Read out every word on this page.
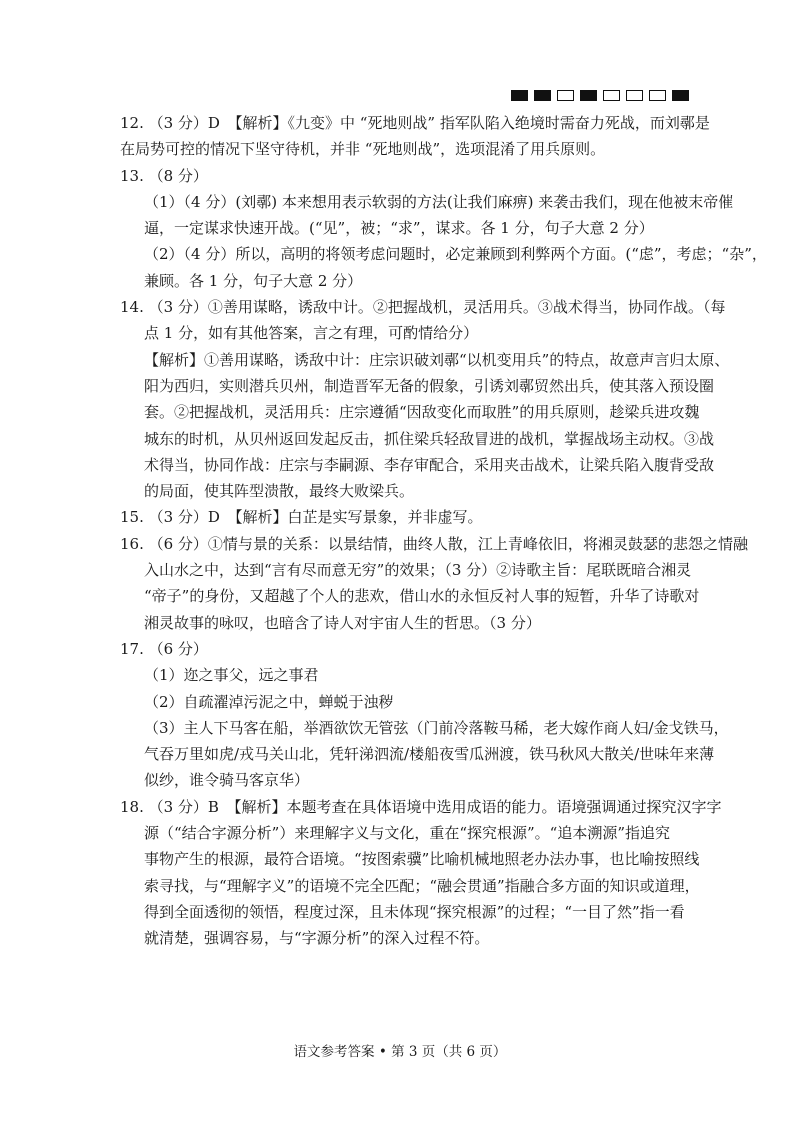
12. （3 分）D　【解析】《九变》中 “死地则战” 指军队陷入绝境时需奋力死战，而刘鄩是
在局势可控的情况下坚守待机，并非 “死地则战”，选项混淆了用兵原则。
13. （8 分）
（1）（4 分）(刘鄩) 本来想用表示软弱的方法(让我们麻痹) 来袭击我们，现在他被末帝催
逼，一定谋求快速开战。(“见”，被；“求”，谋求。各 1 分，句子大意 2 分）
（2）（4 分）所以，高明的将领考虑问题时，必定兼顾到利弊两个方面。(“虑”，考虑；“杂”，
兼顾。各 1 分，句子大意 2 分）
14. （3 分）①善用谋略，诱敌中计。②把握战机，灵活用兵。③战术得当，协同作战。（每
点 1 分，如有其他答案，言之有理，可酌情给分）
【解析】①善用谋略，诱敌中计：庄宗识破刘鄩“以机变用兵”的特点，故意声言归太原、
阳为西归，实则潜兵贝州，制造晋军无备的假象，引诱刘鄩贸然出兵，使其落入预设圈
套。②把握战机，灵活用兵：庄宗遵循“因敌变化而取胜”的用兵原则，趁梁兵进攻魏
城东的时机，从贝州返回发起反击，抓住梁兵轻敌冒进的战机，掌握战场主动权。③战
术得当，协同作战：庄宗与李嗣源、李存审配合，采用夹击战术，让梁兵陷入腹背受敌
的局面，使其阵型溃散，最终大败梁兵。
15. （3 分）D　【解析】白芷是实写景象，并非虚写。
16. （6 分）①情与景的关系：以景结情，曲终人散，江上青峰依旧，将湘灵鼓瑟的悲怨之情融
入山水之中，达到“言有尽而意无穷”的效果；（3 分）②诗歌主旨：尾联既暗合湘灵
“帝子”的身份，又超越了个人的悲欢，借山水的永恒反衬人事的短暂，升华了诗歌对
湘灵故事的咏叹，也暗含了诗人对宇宙人生的哲思。（3 分）
17. （6 分）
（1）迩之事父，远之事君
（2）自疏濯淖污泥之中，蝉蜕于浊秽
（3）主人下马客在船，举酒欲饮无管弦（门前冷落鞍马稀，老大嫁作商人妇/金戈铁马，
气吞万里如虎/戎马关山北，凭轩涕泗流/楼船夜雪瓜洲渡，铁马秋风大散关/世味年来薄
似纱，谁令骑马客京华）
18. （3 分）B　【解析】本题考查在具体语境中选用成语的能力。语境强调通过探究汉字字
源（“结合字源分析”）来理解字义与文化，重在“探究根源”。“追本溯源”指追究
事物产生的根源，最符合语境。“按图索骥”比喻机械地照老办法办事，也比喻按照线
索寻找，与“理解字义”的语境不完全匹配；“融会贯通”指融合多方面的知识或道理，
得到全面透彻的领悟，程度过深，且未体现“探究根源”的过程；“一目了然”指一看
就清楚，强调容易，与“字源分析”的深入过程不符。
语文参考答案 • 第 3 页（共 6 页）
